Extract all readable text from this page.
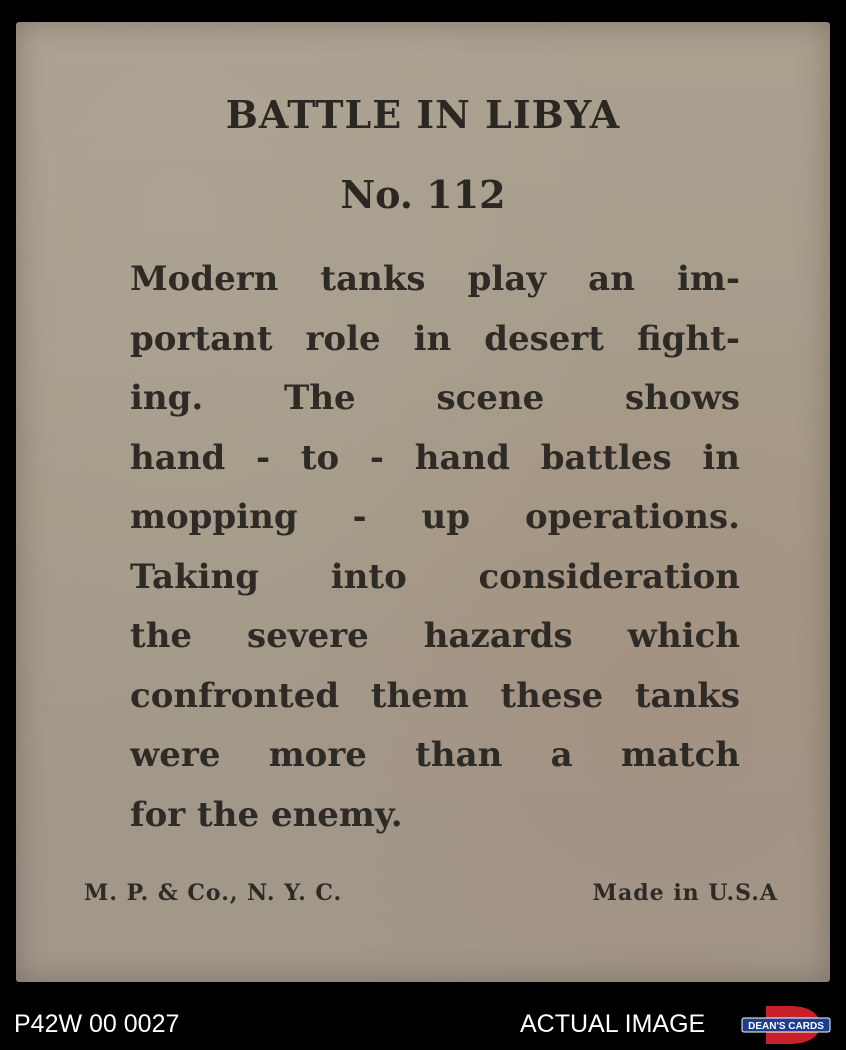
BATTLE IN LIBYA
No. 112
Modern tanks play an im-
portant role in desert fight-
ing. The scene shows
hand - to - hand battles in
mopping - up operations.
Taking into consideration
the severe hazards which
confronted them these tanks
were more than a match
for the enemy.
M. P. & Co., N. Y. C.	Made in U.S.A
P42W 00 0027	ACTUAL IMAGE	DEAN'S CARDS
